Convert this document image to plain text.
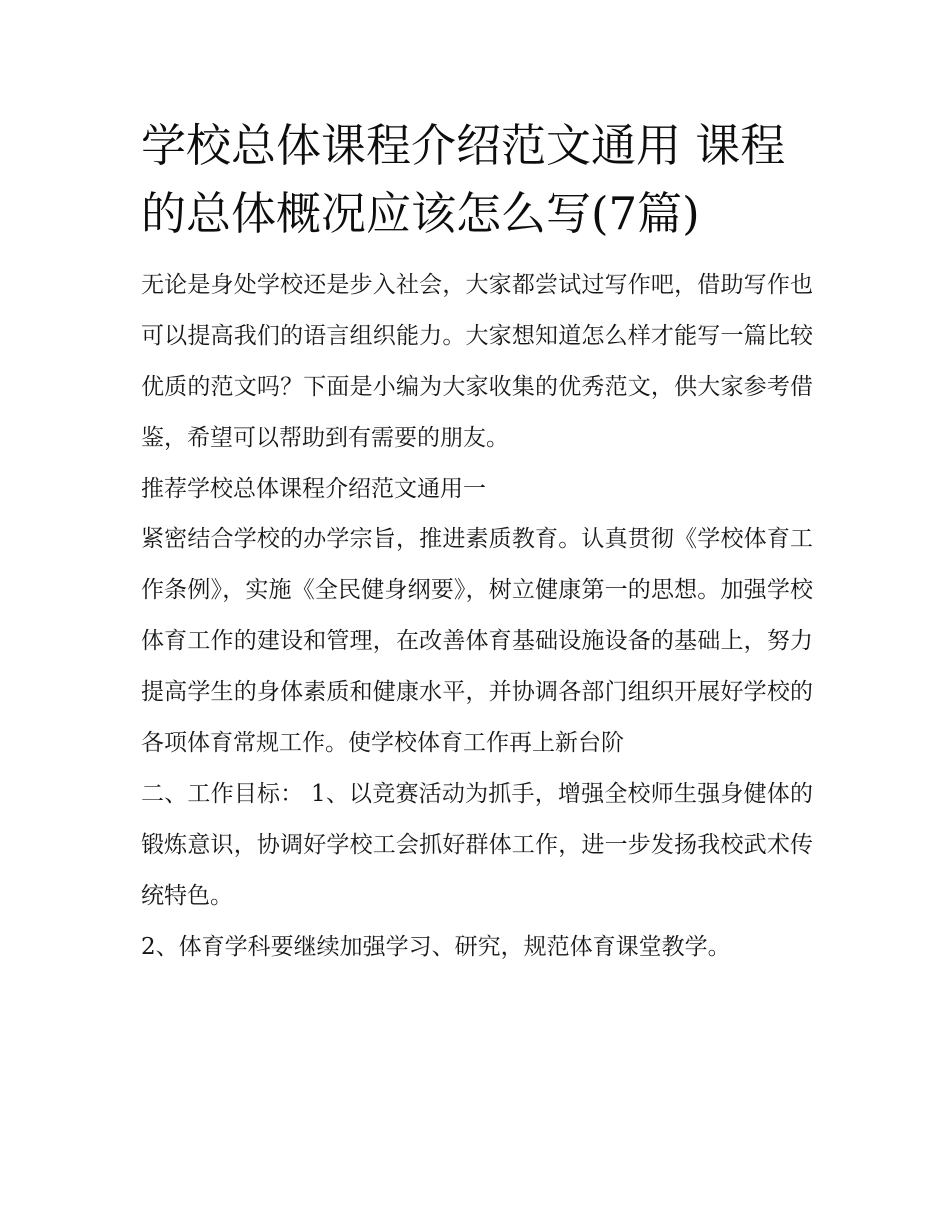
学校总体课程介绍范文通用 课程的总体概况应该怎么写(7篇)

无论是身处学校还是步入社会，大家都尝试过写作吧，借助写作也可以提高我们的语言组织能力。大家想知道怎么样才能写一篇比较优质的范文吗？下面是小编为大家收集的优秀范文，供大家参考借鉴，希望可以帮助到有需要的朋友。

推荐学校总体课程介绍范文通用一

紧密结合学校的办学宗旨，推进素质教育。认真贯彻《学校体育工作条例》，实施《全民健身纲要》，树立健康第一的思想。加强学校体育工作的建设和管理，在改善体育基础设施设备的基础上，努力提高学生的身体素质和健康水平，并协调各部门组织开展好学校的各项体育常规工作。使学校体育工作再上新台阶

二、工作目标： 1、以竞赛活动为抓手，增强全校师生强身健体的锻炼意识，协调好学校工会抓好群体工作，进一步发扬我校武术传统特色。

2、体育学科要继续加强学习、研究，规范体育课堂教学。
